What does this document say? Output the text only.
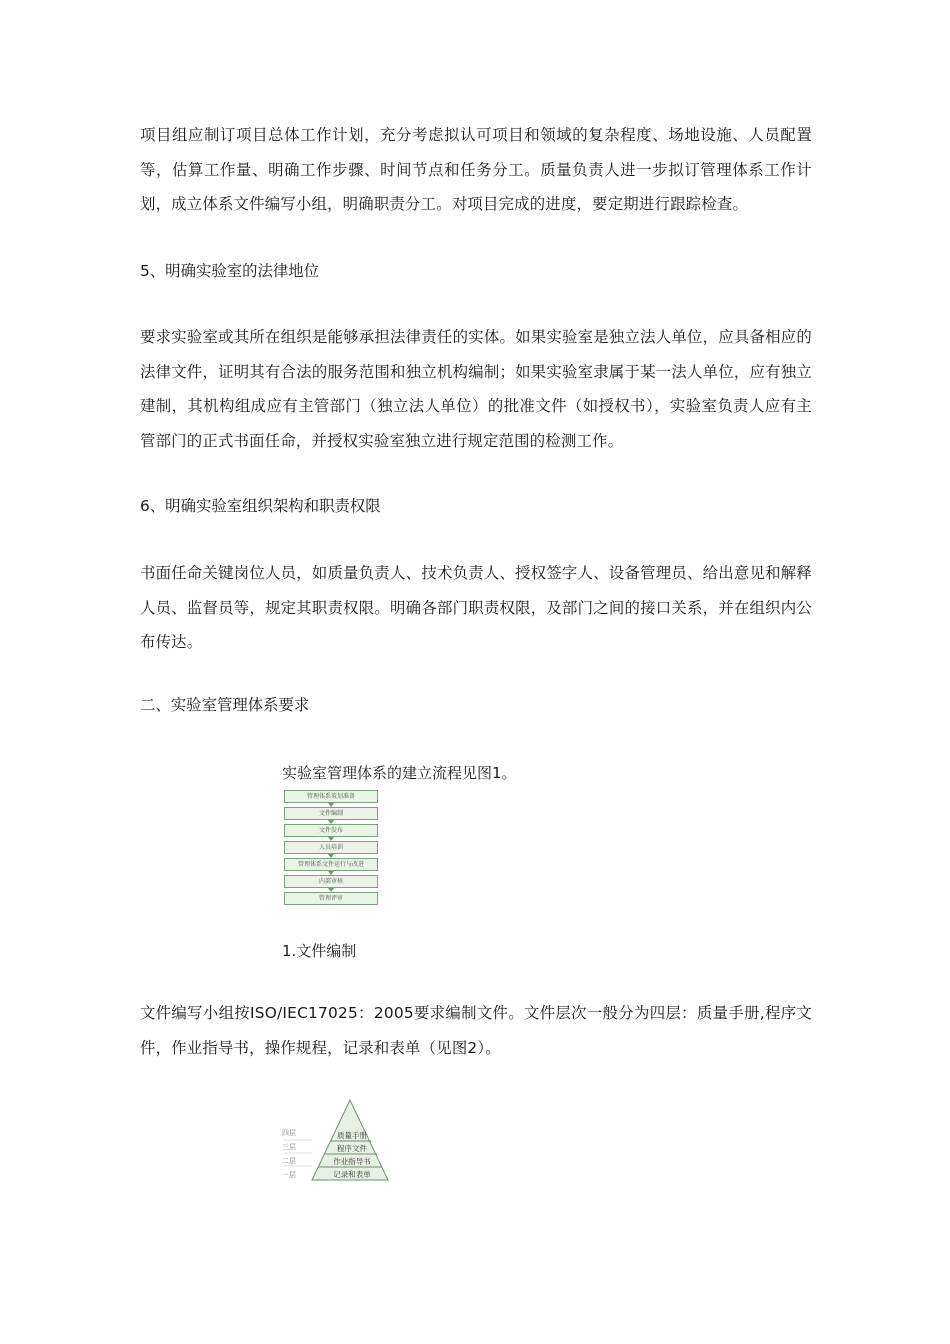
项目组应制订项目总体工作计划，充分考虑拟认可项目和领域的复杂程度、场地设施、人员配置等，估算工作量、明确工作步骤、时间节点和任务分工。质量负责人进一步拟订管理体系工作计划，成立体系文件编写小组，明确职责分工。对项目完成的进度，要定期进行跟踪检查。

5、明确实验室的法律地位

要求实验室或其所在组织是能够承担法律责任的实体。如果实验室是独立法人单位，应具备相应的法律文件，证明其有合法的服务范围和独立机构编制；如果实验室隶属于某一法人单位，应有独立建制，其机构组成应有主管部门（独立法人单位）的批准文件（如授权书），实验室负责人应有主管部门的正式书面任命，并授权实验室独立进行规定范围的检测工作。

6、明确实验室组织架构和职责权限

书面任命关键岗位人员，如质量负责人、技术负责人、授权签字人、设备管理员、给出意见和解释人员、监督员等，规定其职责权限。明确各部门职责权限，及部门之间的接口关系，并在组织内公布传达。

二、实验室管理体系要求

实验室管理体系的建立流程见图1。

管理体系策划准备
文件编制
文件发布
人员培训
管理体系文件运行与改进
内部审核
管理评审

1.文件编制

文件编写小组按ISO/IEC17025：2005要求编制文件。文件层次一般分为四层：质量手册,程序文件，作业指导书，操作规程，记录和表单（见图2）。

四层
三层
二层
一层
质量手册
程序文件
作业指导书
记录和表单
